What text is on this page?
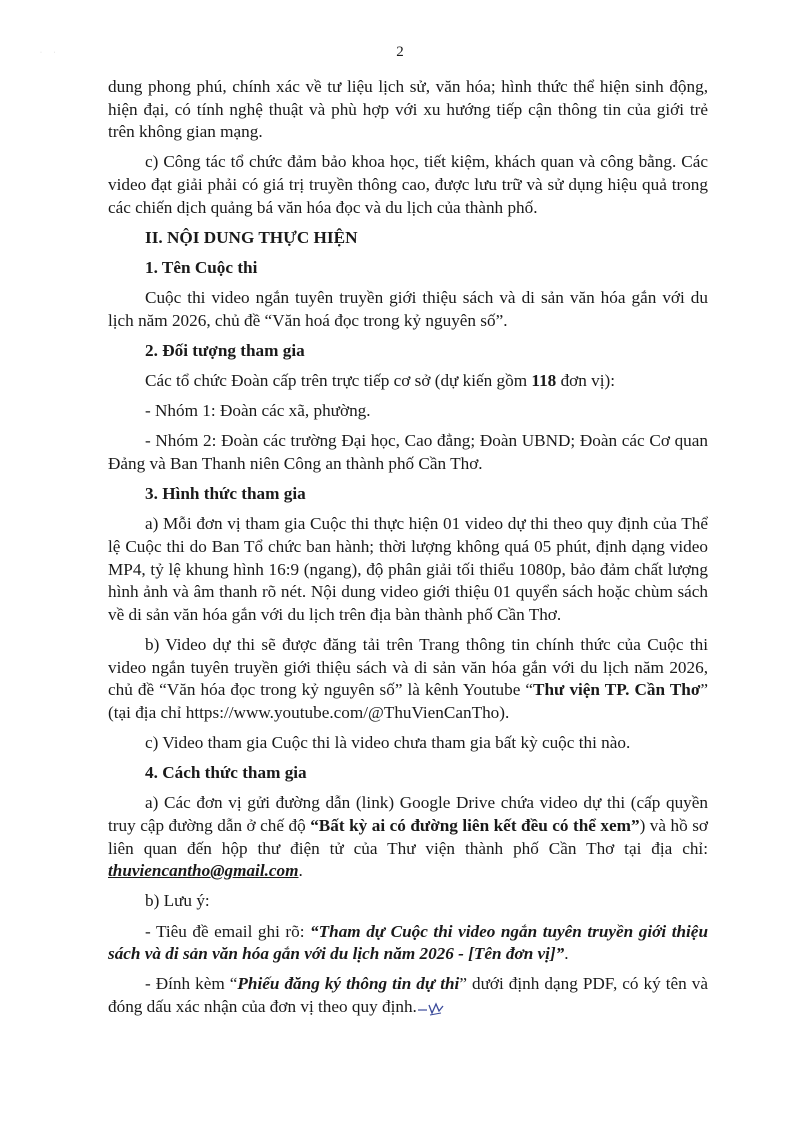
· ·	2

dung phong phú, chính xác về tư liệu lịch sử, văn hóa; hình thức thể hiện sinh động, hiện đại, có tính nghệ thuật và phù hợp với xu hướng tiếp cận thông tin của giới trẻ trên không gian mạng.

c) Công tác tổ chức đảm bảo khoa học, tiết kiệm, khách quan và công bằng. Các video đạt giải phải có giá trị truyền thông cao, được lưu trữ và sử dụng hiệu quả trong các chiến dịch quảng bá văn hóa đọc và du lịch của thành phố.

II. NỘI DUNG THỰC HIỆN

1. Tên Cuộc thi

Cuộc thi video ngắn tuyên truyền giới thiệu sách và di sản văn hóa gắn với du lịch năm 2026, chủ đề “Văn hoá đọc trong kỷ nguyên số”.

2. Đối tượng tham gia

Các tổ chức Đoàn cấp trên trực tiếp cơ sở (dự kiến gồm 118 đơn vị):

- Nhóm 1: Đoàn các xã, phường.

- Nhóm 2: Đoàn các trường Đại học, Cao đẳng; Đoàn UBND; Đoàn các Cơ quan Đảng và Ban Thanh niên Công an thành phố Cần Thơ.

3. Hình thức tham gia

a) Mỗi đơn vị tham gia Cuộc thi thực hiện 01 video dự thi theo quy định của Thể lệ Cuộc thi do Ban Tổ chức ban hành; thời lượng không quá 05 phút, định dạng video MP4, tỷ lệ khung hình 16:9 (ngang), độ phân giải tối thiểu 1080p, bảo đảm chất lượng hình ảnh và âm thanh rõ nét. Nội dung video giới thiệu 01 quyển sách hoặc chùm sách về di sản văn hóa gắn với du lịch trên địa bàn thành phố Cần Thơ.

b) Video dự thi sẽ được đăng tải trên Trang thông tin chính thức của Cuộc thi video ngắn tuyên truyền giới thiệu sách và di sản văn hóa gắn với du lịch năm 2026, chủ đề “Văn hóa đọc trong kỷ nguyên số” là kênh Youtube “Thư viện TP. Cần Thơ” (tại địa chỉ https://www.youtube.com/@ThuVienCanTho).

c) Video tham gia Cuộc thi là video chưa tham gia bất kỳ cuộc thi nào.

4. Cách thức tham gia

a) Các đơn vị gửi đường dẫn (link) Google Drive chứa video dự thi (cấp quyền truy cập đường dẫn ở chế độ “Bất kỳ ai có đường liên kết đều có thể xem”) và hồ sơ liên quan đến hộp thư điện tử của Thư viện thành phố Cần Thơ tại địa chỉ: thuviencantho@gmail.com.

b) Lưu ý:

- Tiêu đề email ghi rõ: “Tham dự Cuộc thi video ngắn tuyên truyền giới thiệu sách và di sản văn hóa gắn với du lịch năm 2026 - [Tên đơn vị]”.

- Đính kèm “Phiếu đăng ký thông tin dự thi” dưới định dạng PDF, có ký tên và đóng dấu xác nhận của đơn vị theo quy định.
